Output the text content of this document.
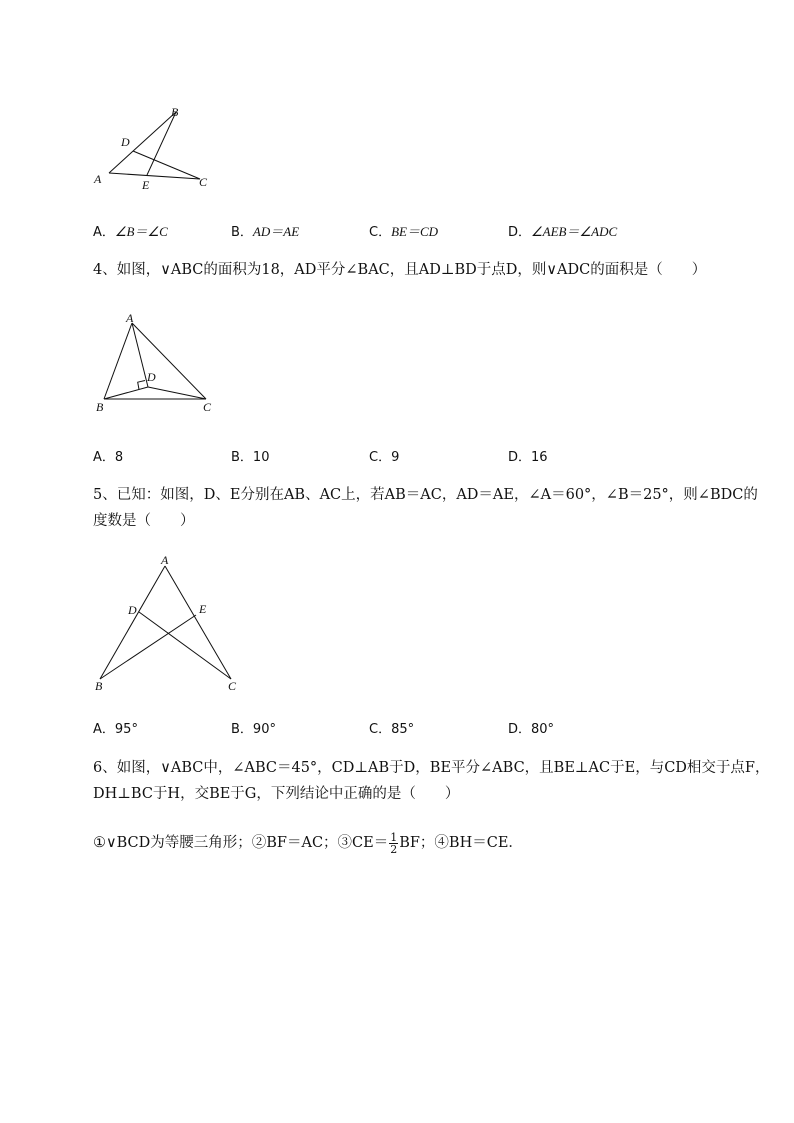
B
D
A	E	C
A．∠B＝∠C	B．AD＝AE	C．BE＝CD	D．∠AEB＝∠ADC
4、如图，∨ABC的面积为18，AD平分∠BAC，且AD⊥BD于点D，则∨ADC的面积是（　　）
A
D
B	C
A．8	B．10	C．9	D．16
5、已知：如图，D、E分别在AB、AC上，若AB＝AC，AD＝AE，∠A＝60°，∠B＝25°，则∠BDC的
度数是（　　）
A
D	E
B	C
A．95°	B．90°	C．85°	D．80°
6、如图，∨ABC中，∠ABC＝45°，CD⊥AB于D，BE平分∠ABC，且BE⊥AC于E，与CD相交于点F，
DH⊥BC于H，交BE于G，下列结论中正确的是（　　）
①∨BCD为等腰三角形；②BF＝AC；③CE＝ $\frac{1}{2}$ BF；④BH＝CE．
